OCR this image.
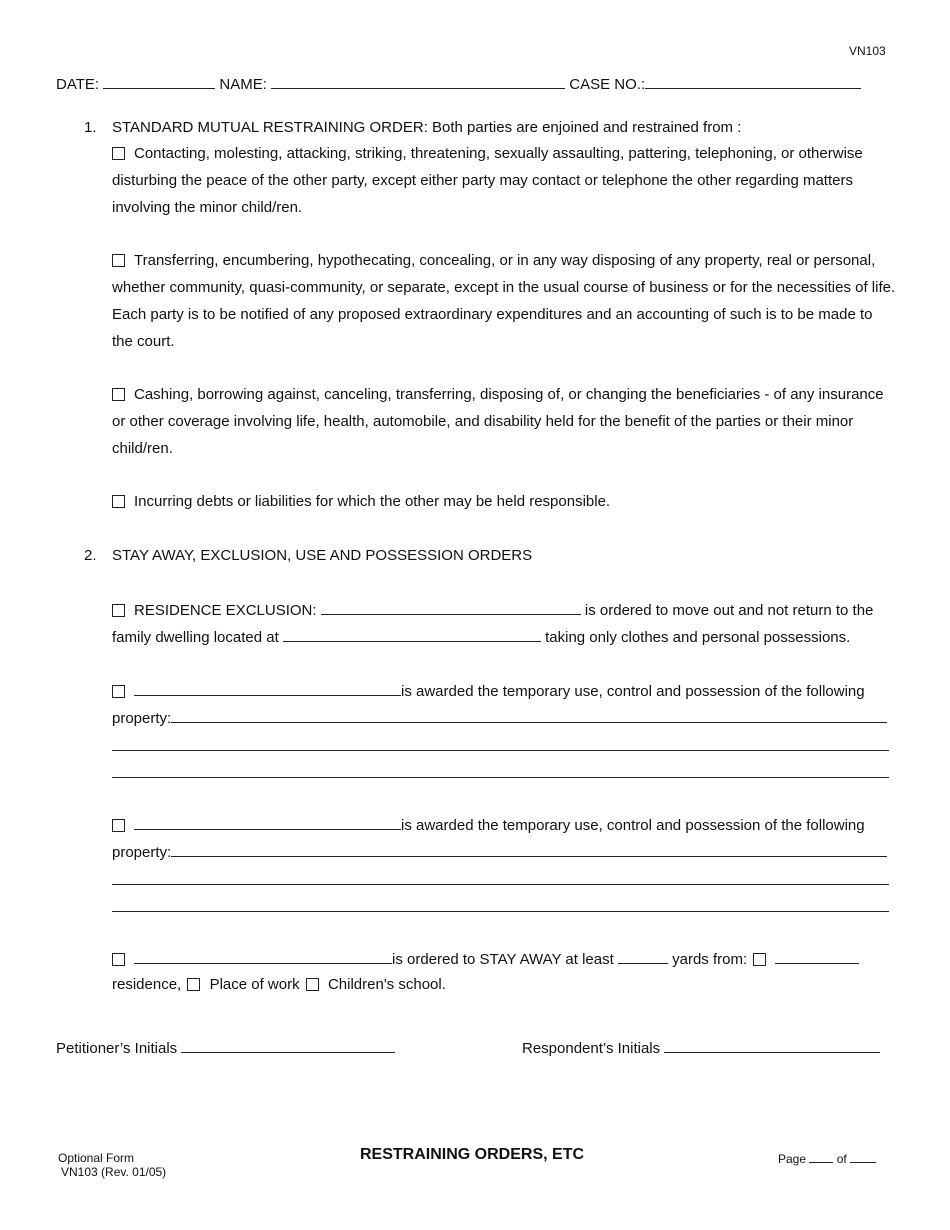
VN103
DATE:	NAME:	CASE NO.:
1. STANDARD MUTUAL RESTRAINING ORDER: Both parties are enjoined and restrained from :
Contacting, molesting, attacking, striking, threatening, sexually assaulting, pattering, telephoning, or otherwise disturbing the peace of the other party, except either party may contact or telephone the other regarding matters involving the minor child/ren.
Transferring, encumbering, hypothecating, concealing, or in any way disposing of any property, real or personal, whether community, quasi-community, or separate, except in the usual course of business or for the necessities of life. Each party is to be notified of any proposed extraordinary expenditures and an accounting of such is to be made to the court.
Cashing, borrowing against, canceling, transferring, disposing of, or changing the beneficiaries - of any insurance or other coverage involving life, health, automobile, and disability held for the benefit of the parties or their minor child/ren.
Incurring debts or liabilities for which the other may be held responsible.
2. STAY AWAY, EXCLUSION, USE AND POSSESSION ORDERS
RESIDENCE EXCLUSION:	is ordered to move out and not return to the
family dwelling located at	taking only clothes and personal possessions.
is awarded the temporary use, control and possession of the following
property:
is awarded the temporary use, control and possession of the following
property:
is ordered to STAY AWAY at least	yards from:
residence, Place of work Children's school.
Petitioner’s Initials	Respondent’s Initials
Optional Form
VN103 (Rev. 01/05)
RESTRAINING ORDERS, ETC	Page	of
